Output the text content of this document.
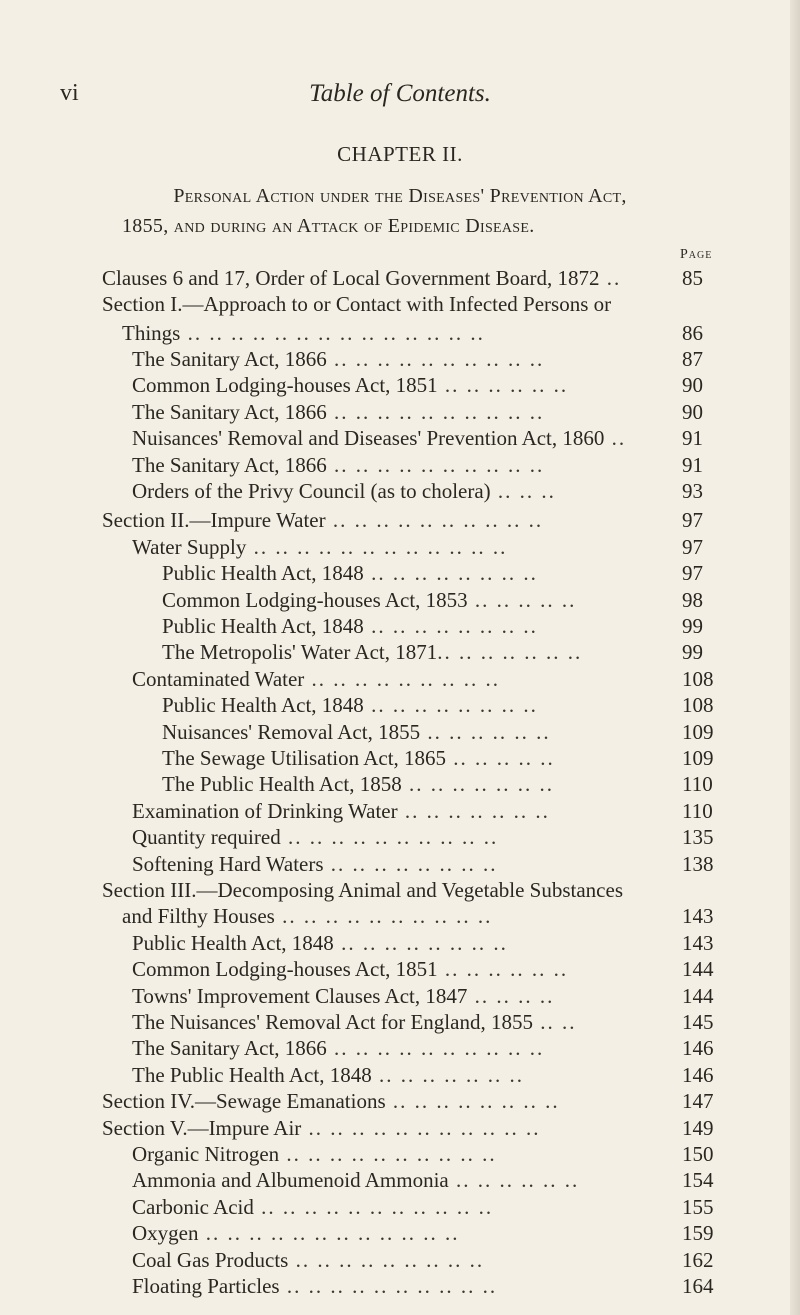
vi	Table of Contents.
CHAPTER II.
Personal Action under the Diseases' Prevention Act,
1855, and during an Attack of Epidemic Disease.
Page
Clauses 6 and 17, Order of Local Government Board, 1872 ..	85
Section I.—Approach to or Contact with Infected Persons or
Things .. .. .. .. .. .. .. .. .. .. .. .. .. ..	86
The Sanitary Act, 1866 .. .. .. .. .. .. .. .. .. ..	87
Common Lodging-houses Act, 1851 .. .. .. .. .. ..	90
The Sanitary Act, 1866 .. .. .. .. .. .. .. .. .. ..	90
Nuisances' Removal and Diseases' Prevention Act, 1860 ..	91
The Sanitary Act, 1866 .. .. .. .. .. .. .. .. .. ..	91
Orders of the Privy Council (as to cholera) .. .. ..	93
Section II.—Impure Water .. .. .. .. .. .. .. .. .. ..	97
Water Supply .. .. .. .. .. .. .. .. .. .. .. ..	97
Public Health Act, 1848 .. .. .. .. .. .. .. ..	97
Common Lodging-houses Act, 1853 .. .. .. .. ..	98
Public Health Act, 1848 .. .. .. .. .. .. .. ..	99
The Metropolis' Water Act, 1871.. .. .. .. .. .. ..	99
Contaminated Water .. .. .. .. .. .. .. .. ..	108
Public Health Act, 1848 .. .. .. .. .. .. .. ..	108
Nuisances' Removal Act, 1855 .. .. .. .. .. ..	109
The Sewage Utilisation Act, 1865 .. .. .. .. ..	109
The Public Health Act, 1858 .. .. .. .. .. .. ..	110
Examination of Drinking Water .. .. .. .. .. .. ..	110
Quantity required .. .. .. .. .. .. .. .. .. ..	135
Softening Hard Waters .. .. .. .. .. .. .. ..	138
Section III.—Decomposing Animal and Vegetable Substances
and Filthy Houses .. .. .. .. .. .. .. .. .. ..	143
Public Health Act, 1848 .. .. .. .. .. .. .. ..	143
Common Lodging-houses Act, 1851 .. .. .. .. .. ..	144
Towns' Improvement Clauses Act, 1847 .. .. .. ..	144
The Nuisances' Removal Act for England, 1855 .. ..	145
The Sanitary Act, 1866 .. .. .. .. .. .. .. .. .. ..	146
The Public Health Act, 1848 .. .. .. .. .. .. ..	146
Section IV.—Sewage Emanations .. .. .. .. .. .. .. ..	147
Section V.—Impure Air .. .. .. .. .. .. .. .. .. .. ..	149
Organic Nitrogen .. .. .. .. .. .. .. .. .. ..	150
Ammonia and Albumenoid Ammonia .. .. .. .. .. ..	154
Carbonic Acid .. .. .. .. .. .. .. .. .. .. ..	155
Oxygen .. .. .. .. .. .. .. .. .. .. .. ..	159
Coal Gas Products .. .. .. .. .. .. .. .. ..	162
Floating Particles .. .. .. .. .. .. .. .. .. ..	164
